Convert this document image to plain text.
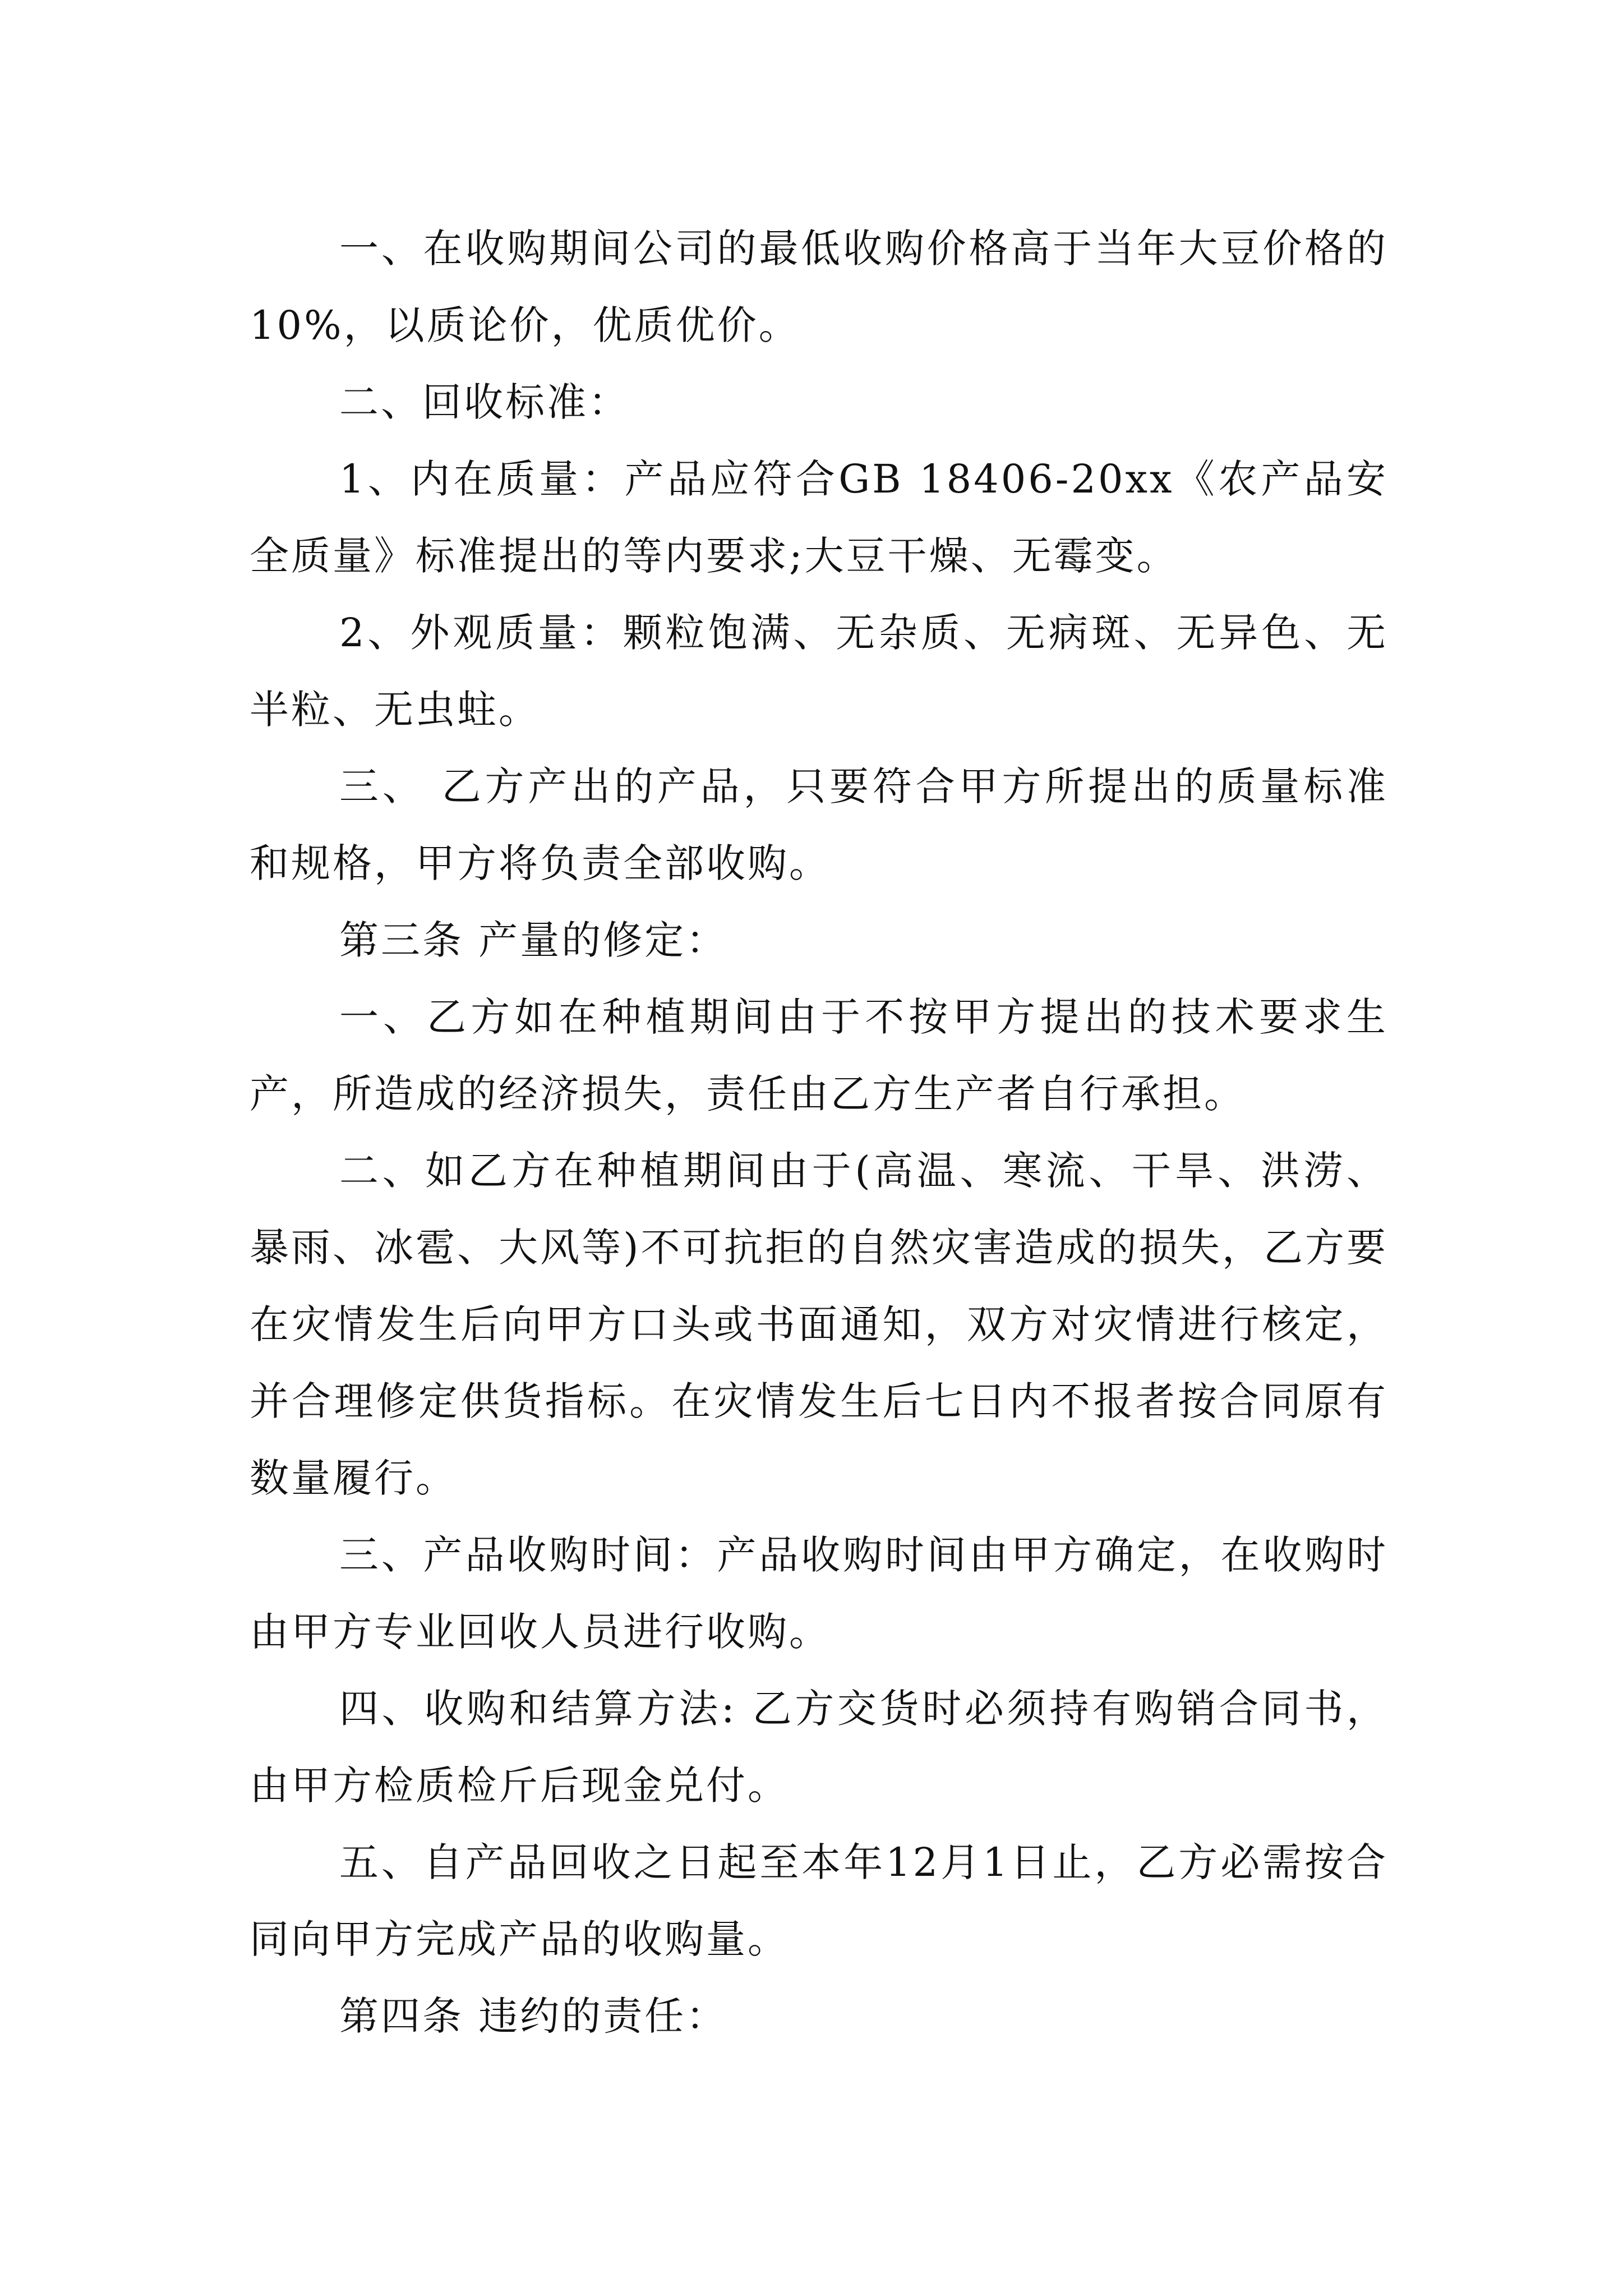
一、在收购期间公司的最低收购价格高于当年大豆价格的10%，以质论价，优质优价。

二、回收标准：

1、内在质量：产品应符合GB 18406-20xx《农产品安全质量》标准提出的等内要求;大豆干燥、无霉变。

2、外观质量：颗粒饱满、无杂质、无病斑、无异色、无半粒、无虫蛀。

三、 乙方产出的产品，只要符合甲方所提出的质量标准和规格，甲方将负责全部收购。

第三条 产量的修定：

一、乙方如在种植期间由于不按甲方提出的技术要求生产，所造成的经济损失，责任由乙方生产者自行承担。

二、如乙方在种植期间由于(高温、寒流、干旱、洪涝、暴雨、冰雹、大风等)不可抗拒的自然灾害造成的损失，乙方要在灾情发生后向甲方口头或书面通知，双方对灾情进行核定，并合理修定供货指标。在灾情发生后七日内不报者按合同原有数量履行。

三、产品收购时间：产品收购时间由甲方确定，在收购时由甲方专业回收人员进行收购。

四、收购和结算方法: 乙方交货时必须持有购销合同书，由甲方检质检斤后现金兑付。

五、自产品回收之日起至本年12月1日止，乙方必需按合同向甲方完成产品的收购量。

第四条 违约的责任：
